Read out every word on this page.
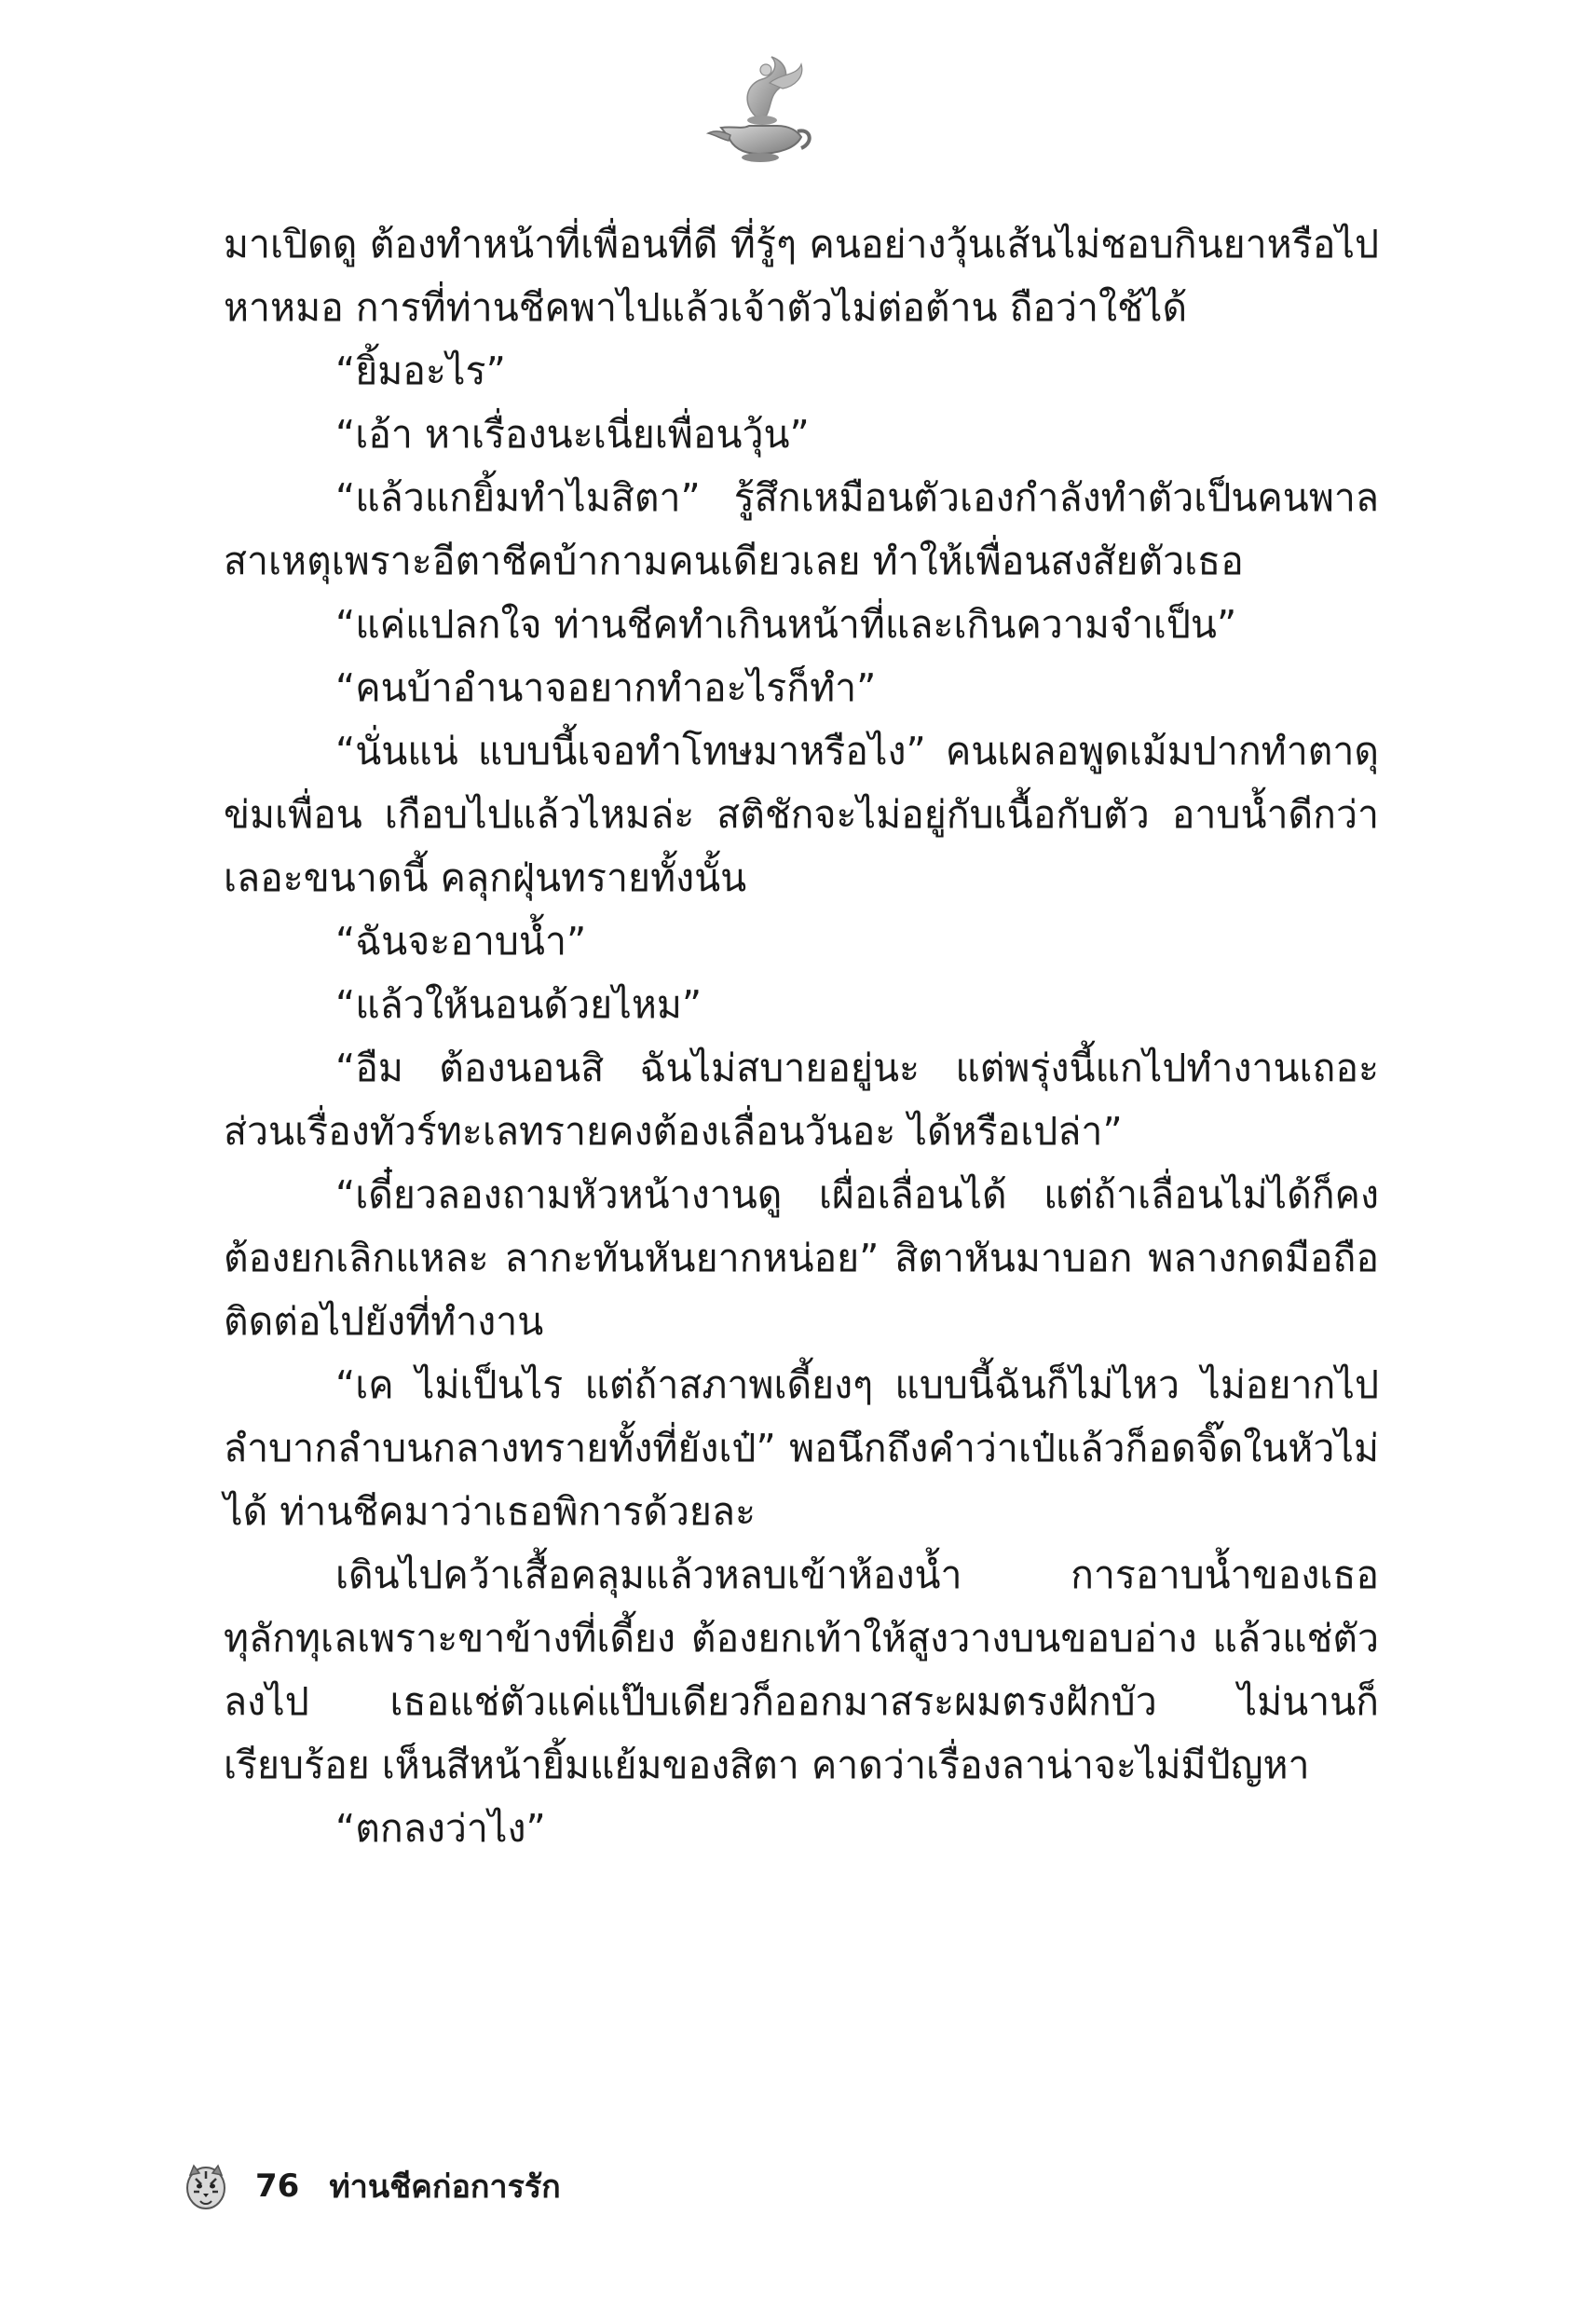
มาเปิดดู ต้องทำหน้าที่เพื่อนที่ดี ที่รู้ๆ คนอย่างวุ้นเส้นไม่ชอบกินยาหรือไปหาหมอ การที่ท่านชีคพาไปแล้วเจ้าตัวไม่ต่อต้าน ถือว่าใช้ได้

“ยิ้มอะไร”

“เอ้า หาเรื่องนะเนี่ยเพื่อนวุ้น”

“แล้วแกยิ้มทำไมสิตา” รู้สึกเหมือนตัวเองกำลังทำตัวเป็นคนพาลสาเหตุเพราะอีตาชีคบ้ากามคนเดียวเลย ทำให้เพื่อนสงสัยตัวเธอ

“แค่แปลกใจ ท่านชีคทำเกินหน้าที่และเกินความจำเป็น”

“คนบ้าอำนาจอยากทำอะไรก็ทำ”

“นั่นแน่ แบบนี้เจอทำโทษมาหรือไง” คนเผลอพูดเม้มปากทำตาดุข่มเพื่อน เกือบไปแล้วไหมล่ะ สติชักจะไม่อยู่กับเนื้อกับตัว อาบน้ำดีกว่าเลอะขนาดนี้ คลุกฝุ่นทรายทั้งนั้น

“ฉันจะอาบน้ำ”

“แล้วให้นอนด้วยไหม”

“อืม ต้องนอนสิ ฉันไม่สบายอยู่นะ แต่พรุ่งนี้แกไปทำงานเถอะส่วนเรื่องทัวร์ทะเลทรายคงต้องเลื่อนวันอะ ได้หรือเปล่า”

“เดี๋ยวลองถามหัวหน้างานดู เผื่อเลื่อนได้ แต่ถ้าเลื่อนไม่ได้ก็คงต้องยกเลิกแหละ ลากะทันหันยากหน่อย” สิตาหันมาบอก พลางกดมือถือติดต่อไปยังที่ทำงาน

“เค ไม่เป็นไร แต่ถ้าสภาพเดี้ยงๆ แบบนี้ฉันก็ไม่ไหว ไม่อยากไปลำบากลำบนกลางทรายทั้งที่ยังเป๋” พอนึกถึงคำว่าเป๋แล้วก็อดจิ๊ดในหัวไม่ได้ ท่านชีคมาว่าเธอพิการด้วยละ

เดินไปคว้าเสื้อคลุมแล้วหลบเข้าห้องน้ำ การอาบน้ำของเธอทุลักทุเลเพราะขาข้างที่เดี้ยง ต้องยกเท้าให้สูงวางบนขอบอ่าง แล้วแช่ตัวลงไป เธอแช่ตัวแค่แป๊บเดียวก็ออกมาสระผมตรงฝักบัว ไม่นานก็เรียบร้อย เห็นสีหน้ายิ้มแย้มของสิตา คาดว่าเรื่องลาน่าจะไม่มีปัญหา

“ตกลงว่าไง”

76 ท่านชีคก่อการรัก
